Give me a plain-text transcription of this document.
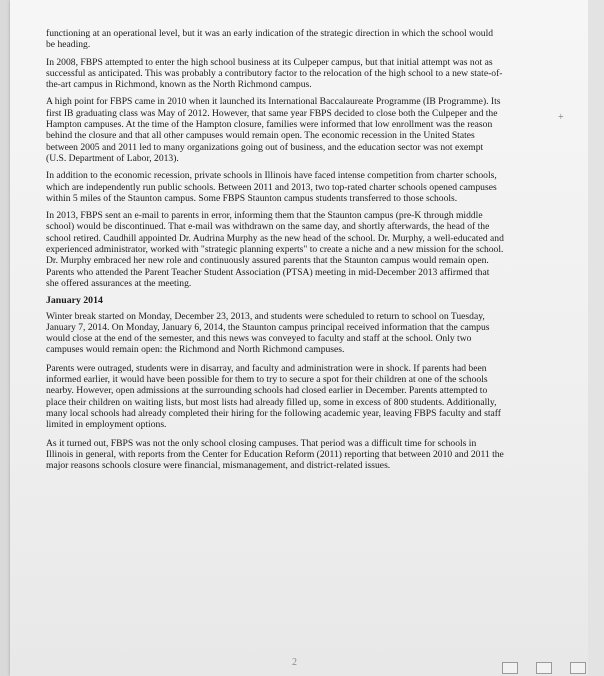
functioning at an operational level, but it was an early indication of the strategic direction in which the school would be heading.

In 2008, FBPS attempted to enter the high school business at its Culpeper campus, but that initial attempt was not as successful as anticipated. This was probably a contributory factor to the relocation of the high school to a new state-of-the-art campus in Richmond, known as the North Richmond campus.

A high point for FBPS came in 2010 when it launched its International Baccalaureate Programme (IB Programme). Its first IB graduating class was May of 2012. However, that same year FBPS decided to close both the Culpeper and the Hampton campuses. At the time of the Hampton closure, families were informed that low enrollment was the reason behind the closure and that all other campuses would remain open. The economic recession in the United States between 2005 and 2011 led to many organizations going out of business, and the education sector was not exempt (U.S. Department of Labor, 2013).

In addition to the economic recession, private schools in Illinois have faced intense competition from charter schools, which are independently run public schools. Between 2011 and 2013, two top-rated charter schools opened campuses within 5 miles of the Staunton campus. Some FBPS Staunton campus students transferred to those schools.

In 2013, FBPS sent an e-mail to parents in error, informing them that the Staunton campus (pre-K through middle school) would be discontinued. That e-mail was withdrawn on the same day, and shortly afterwards, the head of the school retired. Caudhill appointed Dr. Audrina Murphy as the new head of the school. Dr. Murphy, a well-educated and experienced administrator, worked with "strategic planning experts" to create a niche and a new mission for the school. Dr. Murphy embraced her new role and continuously assured parents that the Staunton campus would remain open. Parents who attended the Parent Teacher Student Association (PTSA) meeting in mid-December 2013 affirmed that she offered assurances at the meeting.

January 2014

Winter break started on Monday, December 23, 2013, and students were scheduled to return to school on Tuesday, January 7, 2014. On Monday, January 6, 2014, the Staunton campus principal received information that the campus would close at the end of the semester, and this news was conveyed to faculty and staff at the school. Only two campuses would remain open: the Richmond and North Richmond campuses.

Parents were outraged, students were in disarray, and faculty and administration were in shock. If parents had been informed earlier, it would have been possible for them to try to secure a spot for their children at one of the schools nearby. However, open admissions at the surrounding schools had closed earlier in December. Parents attempted to place their children on waiting lists, but most lists had already filled up, some in excess of 800 students. Additionally, many local schools had already completed their hiring for the following academic year, leaving FBPS faculty and staff limited in employment options.

As it turned out, FBPS was not the only school closing campuses. That period was a difficult time for schools in Illinois in general, with reports from the Center for Education Reform (2011) reporting that between 2010 and 2011 the major reasons schools closure were financial, mismanagement, and district-related issues.

+
2
